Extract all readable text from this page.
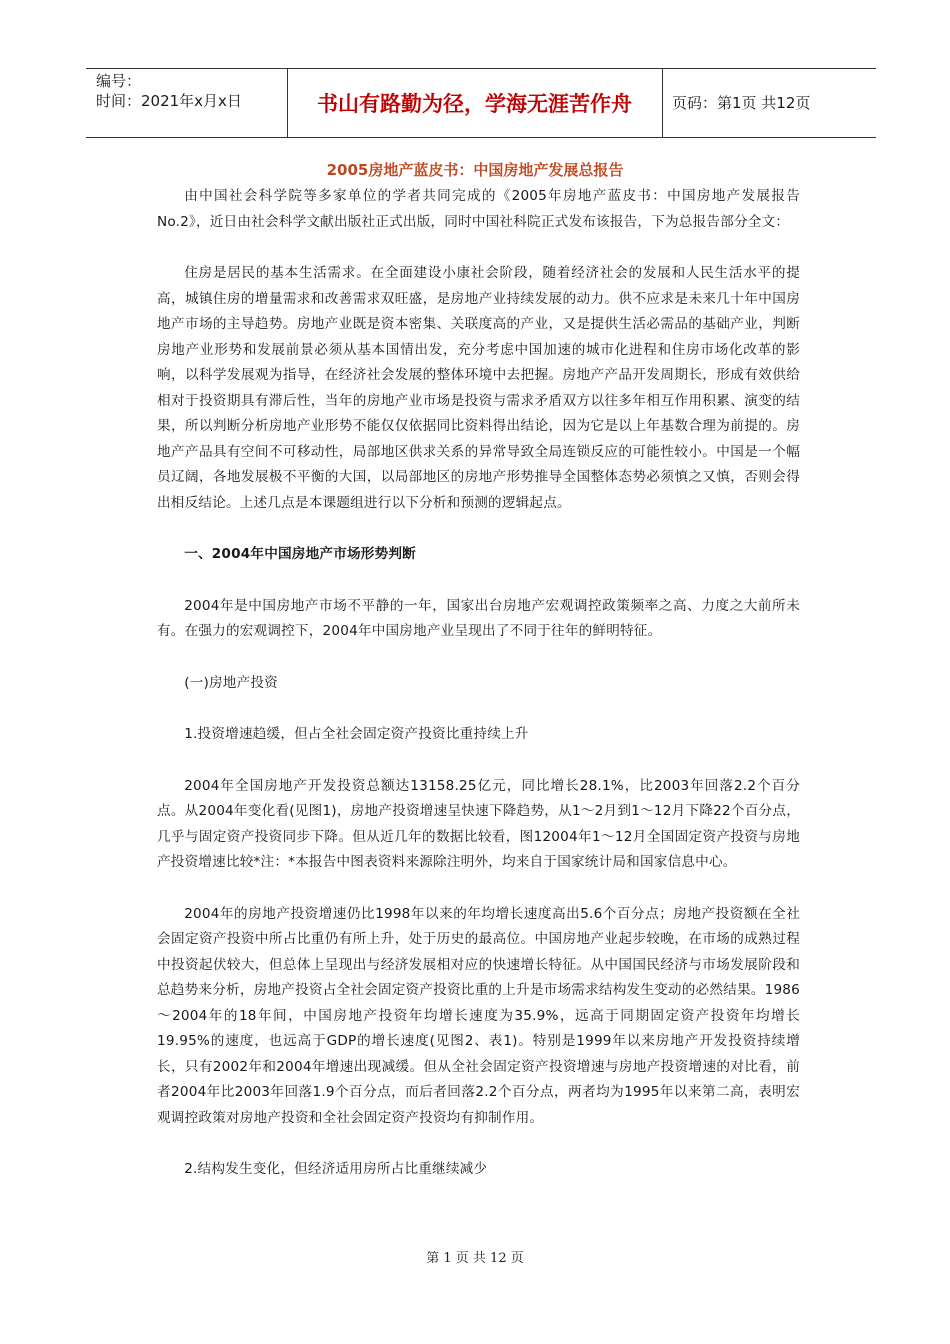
编号：
时间：2021年x月x日	书山有路勤为径，学海无涯苦作舟	页码：第1页 共12页
2005房地产蓝皮书：中国房地产发展总报告

由中国社会科学院等多家单位的学者共同完成的《2005年房地产蓝皮书：中国房地产发展报告No.2》，近日由社会科学文献出版社正式出版，同时中国社科院正式发布该报告，下为总报告部分全文：

住房是居民的基本生活需求。在全面建设小康社会阶段，随着经济社会的发展和人民生活水平的提高，城镇住房的增量需求和改善需求双旺盛，是房地产业持续发展的动力。供不应求是未来几十年中国房地产市场的主导趋势。房地产业既是资本密集、关联度高的产业，又是提供生活必需品的基础产业，判断房地产业形势和发展前景必须从基本国情出发，充分考虑中国加速的城市化进程和住房市场化改革的影响，以科学发展观为指导，在经济社会发展的整体环境中去把握。房地产产品开发周期长，形成有效供给相对于投资期具有滞后性，当年的房地产业市场是投资与需求矛盾双方以往多年相互作用积累、演变的结果，所以判断分析房地产业形势不能仅仅依据同比资料得出结论，因为它是以上年基数合理为前提的。房地产产品具有空间不可移动性，局部地区供求关系的异常导致全局连锁反应的可能性较小。中国是一个幅员辽阔，各地发展极不平衡的大国，以局部地区的房地产形势推导全国整体态势必须慎之又慎，否则会得出相反结论。上述几点是本课题组进行以下分析和预测的逻辑起点。

一、2004年中国房地产市场形势判断

2004年是中国房地产市场不平静的一年，国家出台房地产宏观调控政策频率之高、力度之大前所未有。在强力的宏观调控下，2004年中国房地产业呈现出了不同于往年的鲜明特征。

(一)房地产投资

1.投资增速趋缓，但占全社会固定资产投资比重持续上升

2004年全国房地产开发投资总额达13158.25亿元，同比增长28.1%，比2003年回落2.2个百分点。从2004年变化看(见图1)，房地产投资增速呈快速下降趋势，从1～2月到1～12月下降22个百分点，几乎与固定资产投资同步下降。但从近几年的数据比较看，图12004年1～12月全国固定资产投资与房地产投资增速比较*注：*本报告中图表资料来源除注明外，均来自于国家统计局和国家信息中心。

2004年的房地产投资增速仍比1998年以来的年均增长速度高出5.6个百分点；房地产投资额在全社会固定资产投资中所占比重仍有所上升，处于历史的最高位。中国房地产业起步较晚，在市场的成熟过程中投资起伏较大，但总体上呈现出与经济发展相对应的快速增长特征。从中国国民经济与市场发展阶段和总趋势来分析，房地产投资占全社会固定资产投资比重的上升是市场需求结构发生变动的必然结果。1986～2004年的18年间，中国房地产投资年均增长速度为35.9%，远高于同期固定资产投资年均增长19.95%的速度，也远高于GDP的增长速度(见图2、表1)。特别是1999年以来房地产开发投资持续增长，只有2002年和2004年增速出现减缓。但从全社会固定资产投资增速与房地产投资增速的对比看，前者2004年比2003年回落1.9个百分点，而后者回落2.2个百分点，两者均为1995年以来第二高，表明宏观调控政策对房地产投资和全社会固定资产投资均有抑制作用。

2.结构发生变化，但经济适用房所占比重继续减少

第 1 页 共 12 页
